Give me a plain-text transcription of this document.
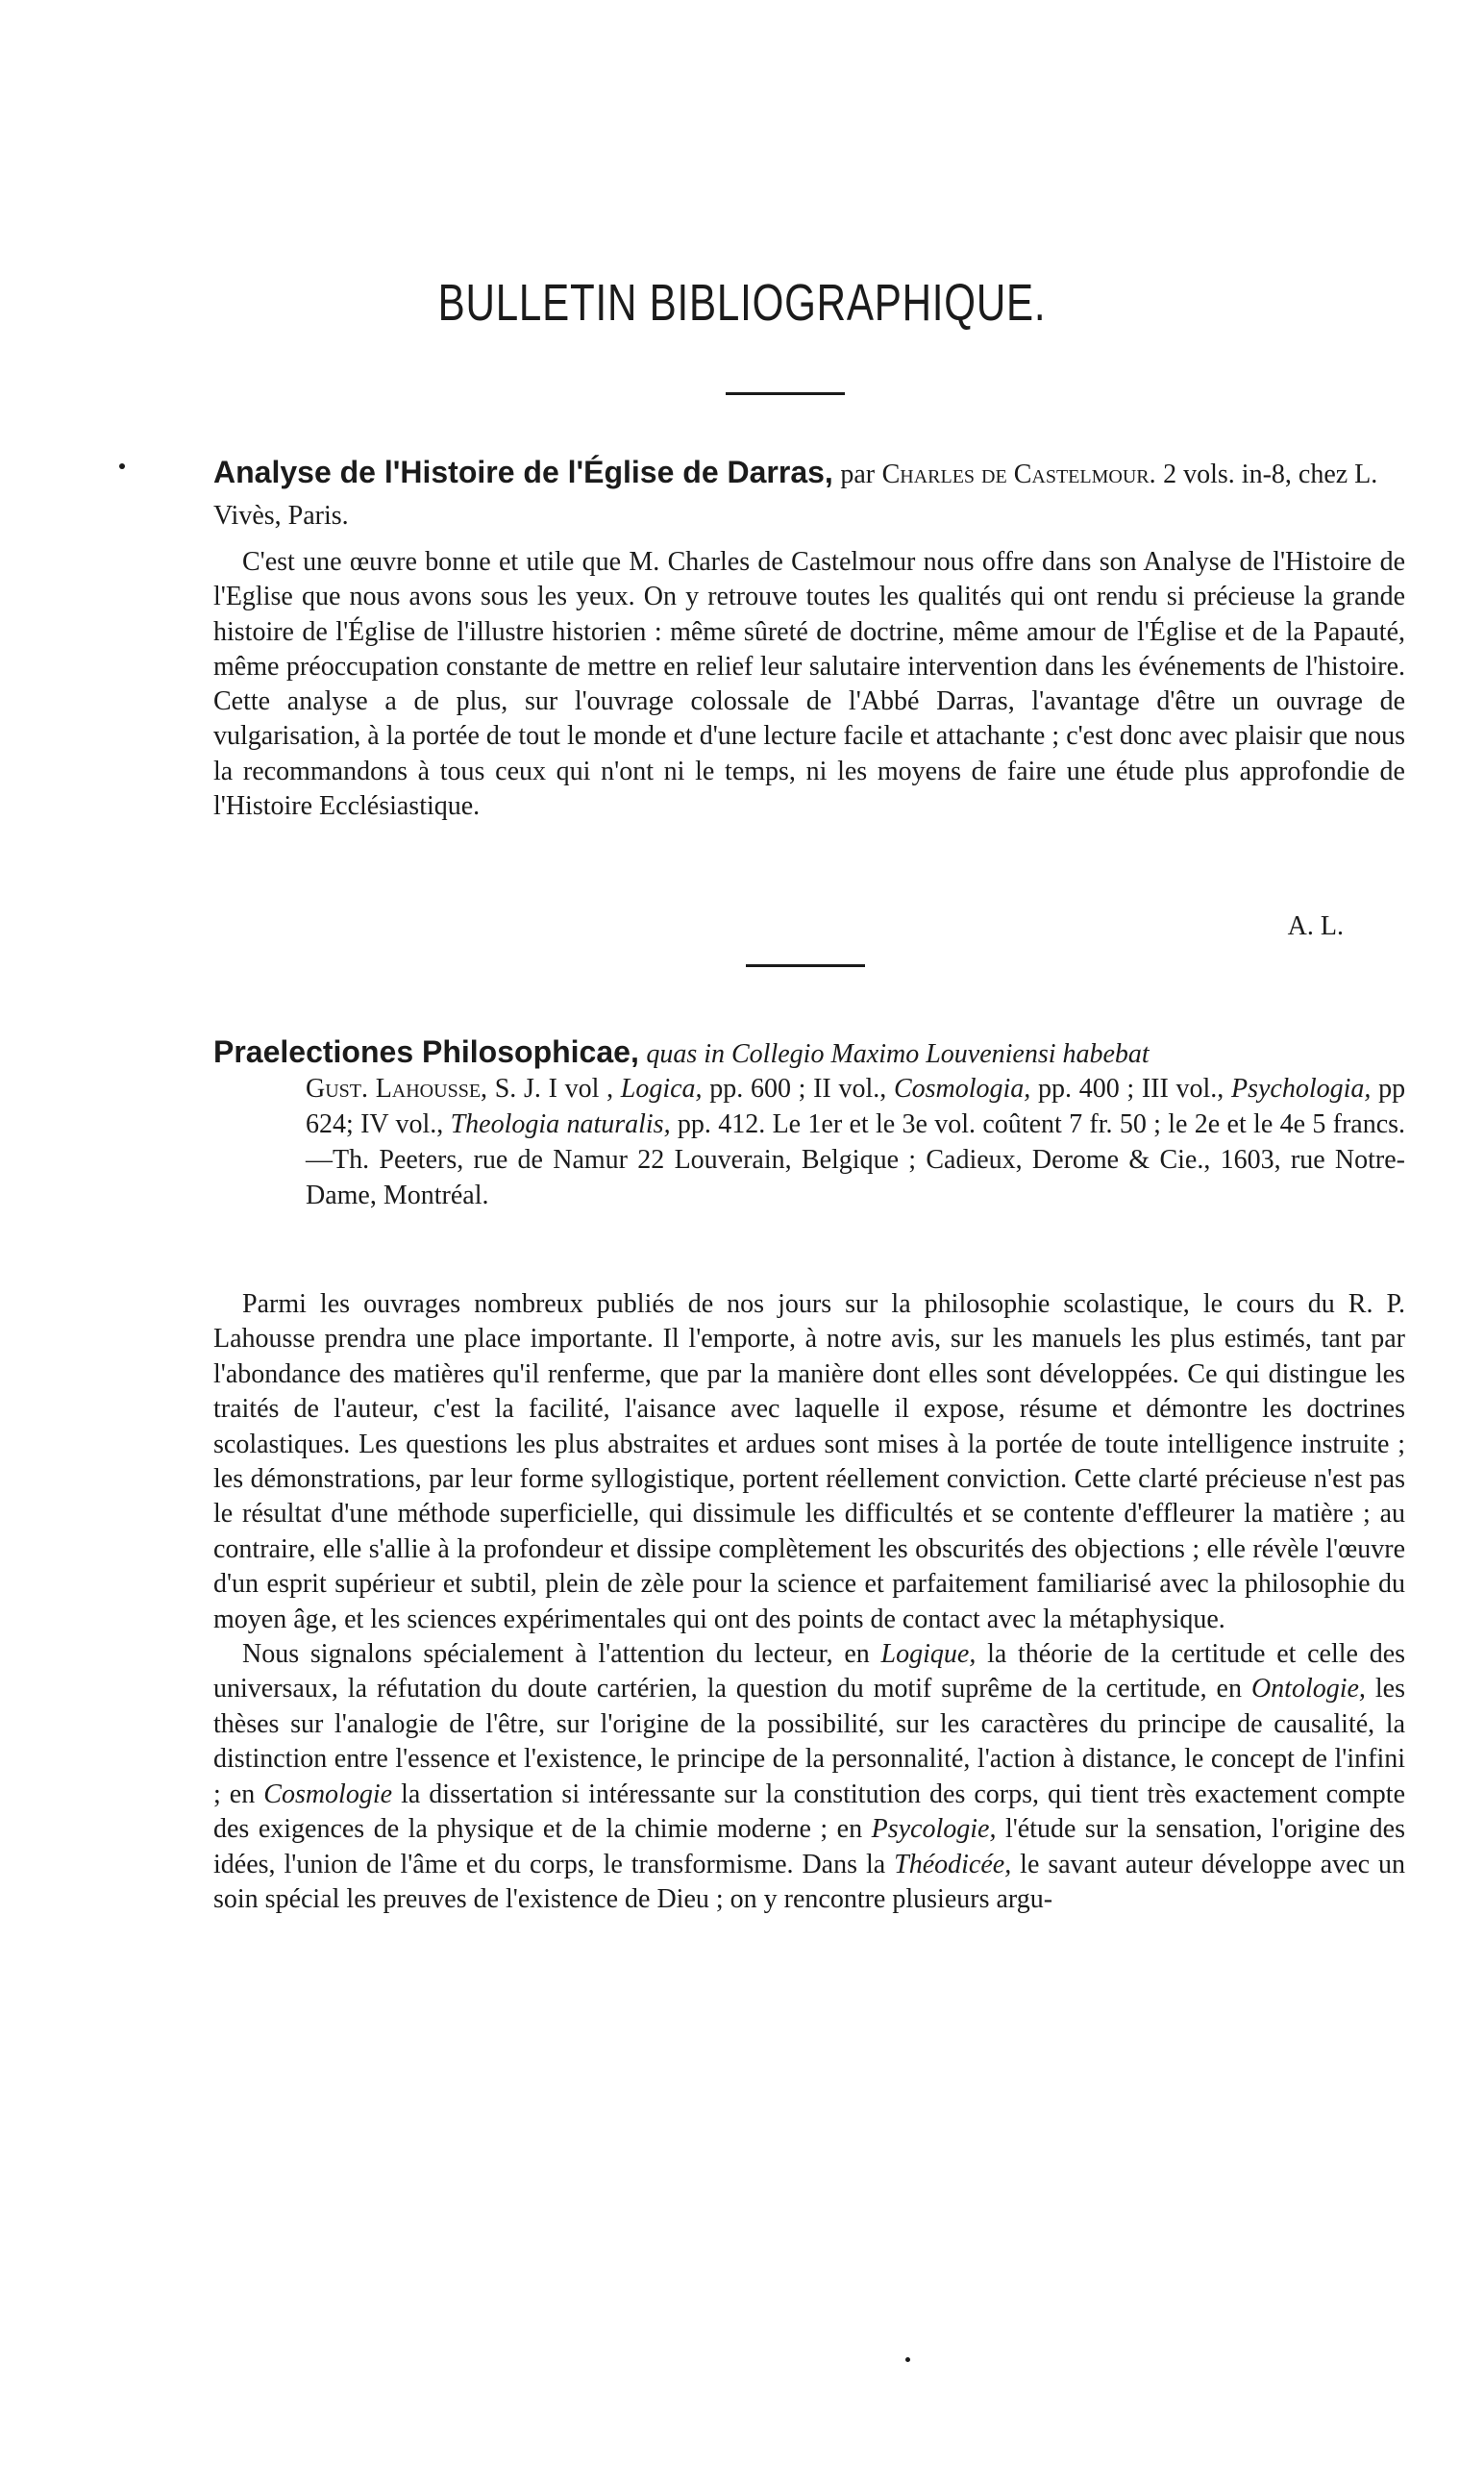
BULLETIN BIBLIOGRAPHIQUE.
Analyse de l'Histoire de l'Église de Darras, par Charles de Castelmour. 2 vols. in-8, chez L. Vivès, Paris.

C'est une œuvre bonne et utile que M. Charles de Castelmour nous offre dans son Analyse de l'Histoire de l'Eglise que nous avons sous les yeux. On y retrouve toutes les qualités qui ont rendu si précieuse la grande histoire de l'Église de l'illustre historien : même sûreté de doctrine, même amour de l'Église et de la Papauté, même préoccupation constante de mettre en relief leur salutaire intervention dans les événements de l'histoire. Cette analyse a de plus, sur l'ouvrage colossale de l'Abbé Darras, l'avantage d'être un ouvrage de vulgarisation, à la portée de tout le monde et d'une lecture facile et attachante ; c'est donc avec plaisir que nous la recommandons à tous ceux qui n'ont ni le temps, ni les moyens de faire une étude plus approfondie de l'Histoire Ecclésiastique.

A. L.
Praelectiones Philosophicae, quas in Collegio Maximo Louveniensi habebat
Gust. Lahousse, S. J. I vol , Logica, pp. 600 ; II vol., Cosmologia, pp. 400 ; III vol., Psychologia, pp 624; IV vol., Theologia naturalis, pp. 412. Le 1er et le 3e vol. coûtent 7 fr. 50 ; le 2e et le 4e 5 francs.—Th. Peeters, rue de Namur 22 Louverain, Belgique ; Cadieux, Derome & Cie., 1603, rue Notre-Dame, Montréal.

Parmi les ouvrages nombreux publiés de nos jours sur la philosophie scolastique, le cours du R. P. Lahousse prendra une place importante. Il l'emporte, à notre avis, sur les manuels les plus estimés, tant par l'abondance des matières qu'il renferme, que par la manière dont elles sont développées. Ce qui distingue les traités de l'auteur, c'est la facilité, l'aisance avec laquelle il expose, résume et démontre les doctrines scolastiques. Les questions les plus abstraites et ardues sont mises à la portée de toute intelligence instruite ; les démonstrations, par leur forme syllogistique, portent réellement conviction. Cette clarté précieuse n'est pas le résultat d'une méthode superficielle, qui dissimule les difficultés et se contente d'effleurer la matière ; au contraire, elle s'allie à la profondeur et dissipe complètement les obscurités des objections ; elle révèle l'œuvre d'un esprit supérieur et subtil, plein de zèle pour la science et parfaitement familiarisé avec la philosophie du moyen âge, et les sciences expérimentales qui ont des points de contact avec la métaphysique.

Nous signalons spécialement à l'attention du lecteur, en Logique, la théorie de la certitude et celle des universaux, la réfutation du doute cartérien, la question du motif suprême de la certitude, en Ontologie, les thèses sur l'analogie de l'être, sur l'origine de la possibilité, sur les caractères du principe de causalité, la distinction entre l'essence et l'existence, le principe de la personnalité, l'action à distance, le concept de l'infini ; en Cosmologie la dissertation si intéressante sur la constitution des corps, qui tient très exactement compte des exigences de la physique et de la chimie moderne ; en Psycologie, l'étude sur la sensation, l'origine des idées, l'union de l'âme et du corps, le transformisme. Dans la Théodicée, le savant auteur développe avec un soin spécial les preuves de l'existence de Dieu ; on y rencontre plusieurs argu-
